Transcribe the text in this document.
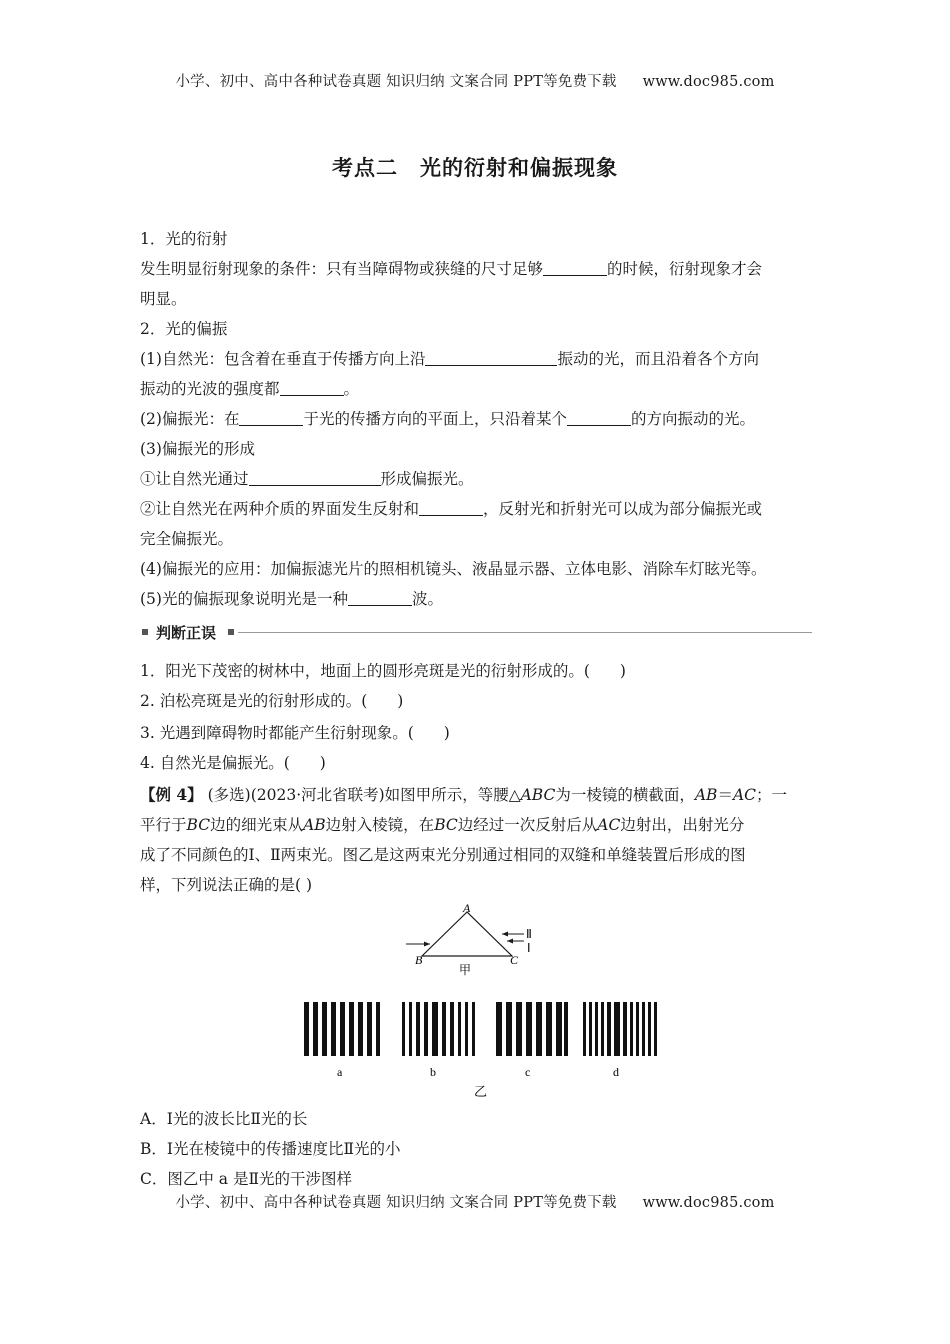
小学、初中、高中各种试卷真题 知识归纳 文案合同 PPT等免费下载 www.doc985.com
考点二 光的衍射和偏振现象
1．光的衍射
发生明显衍射现象的条件：只有当障碍物或狭缝的尺寸足够	的时候，衍射现象才会
明显。
2．光的偏振
(1)自然光：包含着在垂直于传播方向上沿	振动的光，而且沿着各个方向
振动的光波的强度都	。
(2)偏振光：在	于光的传播方向的平面上，只沿着某个	的方向振动的光。
(3)偏振光的形成
①让自然光通过	形成偏振光。
②让自然光在两种介质的界面发生反射和	，反射光和折射光可以成为部分偏振光或
完全偏振光。
(4)偏振光的应用：加偏振滤光片的照相机镜头、液晶显示器、立体电影、消除车灯眩光等。
(5)光的偏振现象说明光是一种	波。
判断正误
1．阳光下茂密的树林中，地面上的圆形亮斑是光的衍射形成的。( )
2. 泊松亮斑是光的衍射形成的。( )
3. 光遇到障碍物时都能产生衍射现象。( )
4. 自然光是偏振光。( )
【例 4】 (多选)(2023·河北省联考)如图甲所示，等腰△ABC为一棱镜的横截面，AB＝AC；一
平行于BC边的细光束从AB边射入棱镜，在BC边经过一次反射后从AC边射出，出射光分
成了不同颜色的Ⅰ、Ⅱ两束光。图乙是这两束光分别通过相同的双缝和单缝装置后形成的图
样，下列说法正确的是( )
A
B	C
Ⅱ
Ⅰ
甲
a	b	c	d
乙
A．Ⅰ光的波长比Ⅱ光的长
B．Ⅰ光在棱镜中的传播速度比Ⅱ光的小
C．图乙中 a 是Ⅱ光的干涉图样
小学、初中、高中各种试卷真题 知识归纳 文案合同 PPT等免费下载 www.doc985.com
